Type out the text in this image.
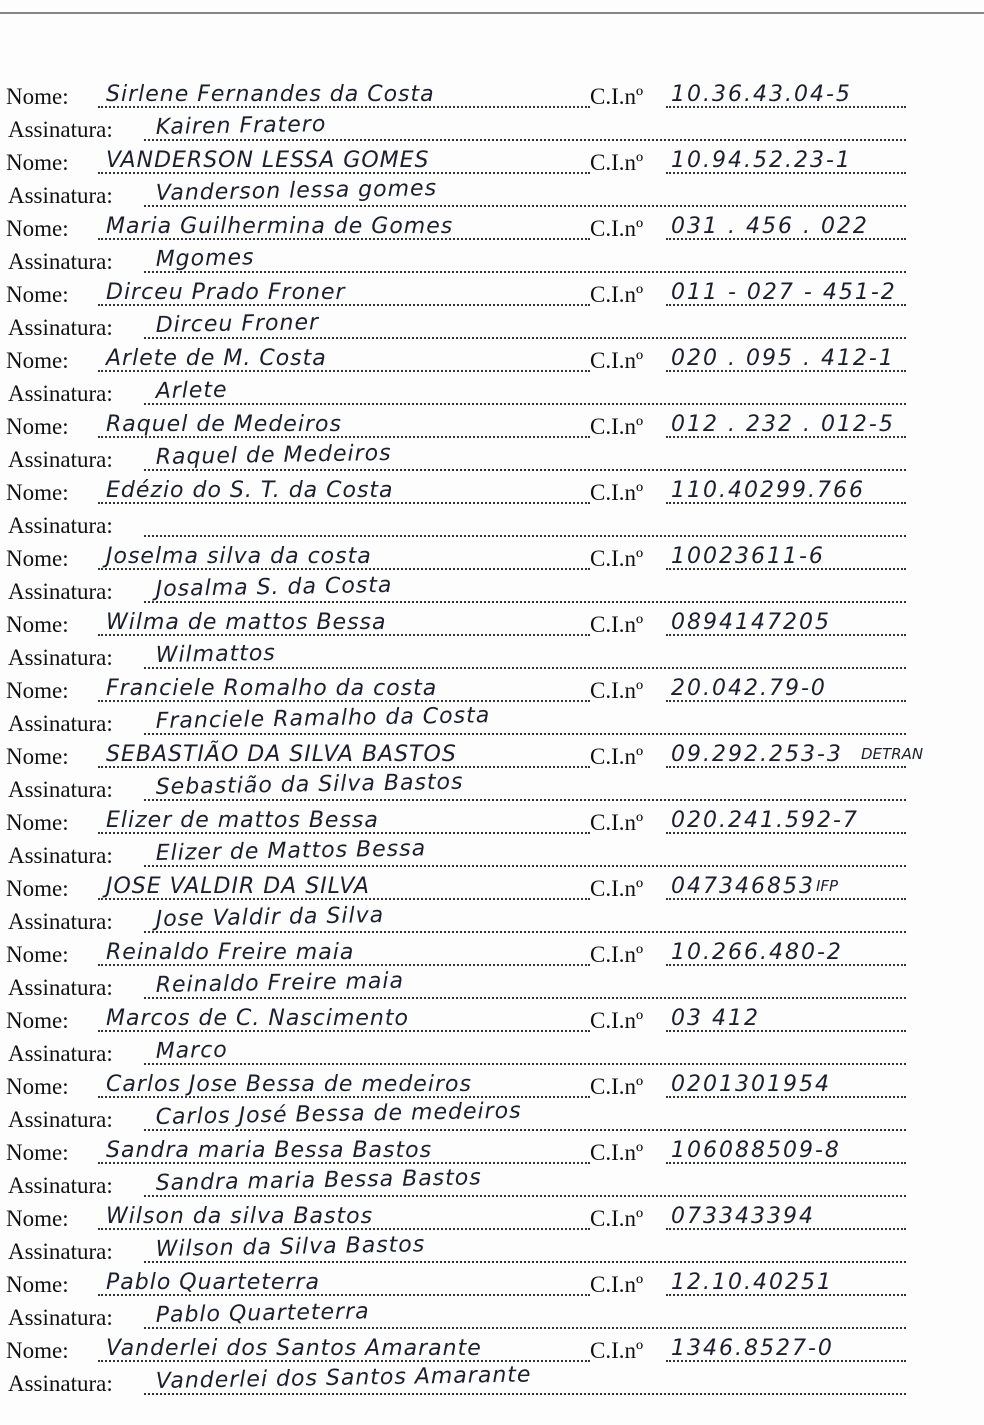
Nome: Sirlene Fernandes da Costa	C.I.nº 10.36.43.04-5
Assinatura: Kairen Fratero
Nome: VANDERSON LESSA GOMES	C.I.nº 10.94.52.23-1
Assinatura: Vanderson lessa gomes
Nome: Maria Guilhermina de Gomes	C.I.nº 031 . 456 . 022
Assinatura: Mgomes
Nome: Dirceu Prado Froner	C.I.nº 011 - 027 - 451-2
Assinatura: Dirceu Froner
Nome: Arlete de M. Costa	C.I.nº 020 . 095 . 412-1
Assinatura: Arlete
Nome: Raquel de Medeiros	C.I.nº 012 . 232 . 012-5
Assinatura: Raquel de Medeiros
Nome: Edézio do S. T. da Costa	C.I.nº 110.40299.766
Assinatura:
Nome: Joselma silva da costa	C.I.nº 10023611-6
Assinatura: Josalma S. da Costa
Nome: Wilma de mattos Bessa	C.I.nº 0894147205
Assinatura: Wilmattos
Nome: Franciele Romalho da costa	C.I.nº 20.042.79-0
Assinatura: Franciele Ramalho da Costa
Nome: SEBASTIÃO DA SILVA BASTOS	C.I.nº 09.292.253-3 DETRAN
Assinatura: Sebastião da Silva Bastos
Nome: Elizer de mattos Bessa	C.I.nº 020.241.592-7
Assinatura: Elizer de Mattos Bessa
Nome: JOSE VALDIR DA SILVA	C.I.nº 047346853 IFP
Assinatura: Jose Valdir da Silva
Nome: Reinaldo Freire maia	C.I.nº 10.266.480-2
Assinatura: Reinaldo Freire maia
Nome: Marcos de C. Nascimento	C.I.nº 03 412
Assinatura: Marco
Nome: Carlos Jose Bessa de medeiros	C.I.nº 0201301954
Assinatura: Carlos José Bessa de medeiros
Nome: Sandra maria Bessa Bastos	C.I.nº 106088509-8
Assinatura: Sandra maria Bessa Bastos
Nome: Wilson da silva Bastos	C.I.nº 073343394
Assinatura: Wilson da Silva Bastos
Nome: Pablo Quarteterra	C.I.nº 12.10.40251
Assinatura: Pablo Quarteterra
Nome: Vanderlei dos Santos Amarante	C.I.nº 1346.8527-0
Assinatura: Vanderlei dos Santos Amarante
